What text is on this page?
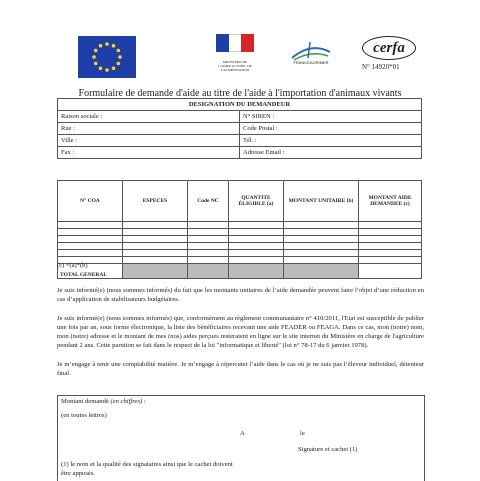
MINISTÈRE DE L'AGRICULTURE, DE L'ALIMENTATION
FRANCEAGRIMER
cerfa
N° 14920*01
Formulaire de demande d'aide au titre de l'aide à l'importation d'animaux vivants
DESIGNATION DU DEMANDEUR	
Raison sociale :	N° SIREN :
Rue :	Code Postal :
Ville :	Tél. :
Fax :	Adresse Email :
N° COA	ESPECES	Code NC	QUANTITE ÉLIGIBLE (a)	MONTANT UNITAIRE (b)	MONTANT AIDE DEMANDEE (c)

TOTAL GENERAL					
(c) =(a)*(b)
Je suis informé(e) (nous sommes informés) du fait que les montants unitaires de l’aide demandée peuvent faire l’objet d’une réduction en cas d’application de stabilisateurs budgétaires.
Je suis informé(e) (nous sommes informés) que, conformément au règlement communautaire n° 410/2011, l'Etat est susceptible de publier une fois par an, sous forme électronique, la liste des bénéficiaires recevant une aide FEADER ou FEAGA. Dans ce cas, mon (notre) nom, mon (notre) adresse et le montant de mes (nos) aides perçues resteraient en ligne sur le site internet du Ministère en charge de l'agriculture pendant 2 ans. Cette parution se fait dans le respect de la loi "informatique et liberté" (loi n° 78-17 du 6 janvier 1978).
Je m’engage à tenir une comptabilité matière. Je m’engage à répercuter l’aide dans le cas où je ne suis pas l’éleveur individuel, détenteur final.
Montant demandé (en chiffres) :
(en toutes lettres)
A	le
Signature et cachet (1)
(1) le nom et la qualité des signataires ainsi que le cachet doivent être apposés.
